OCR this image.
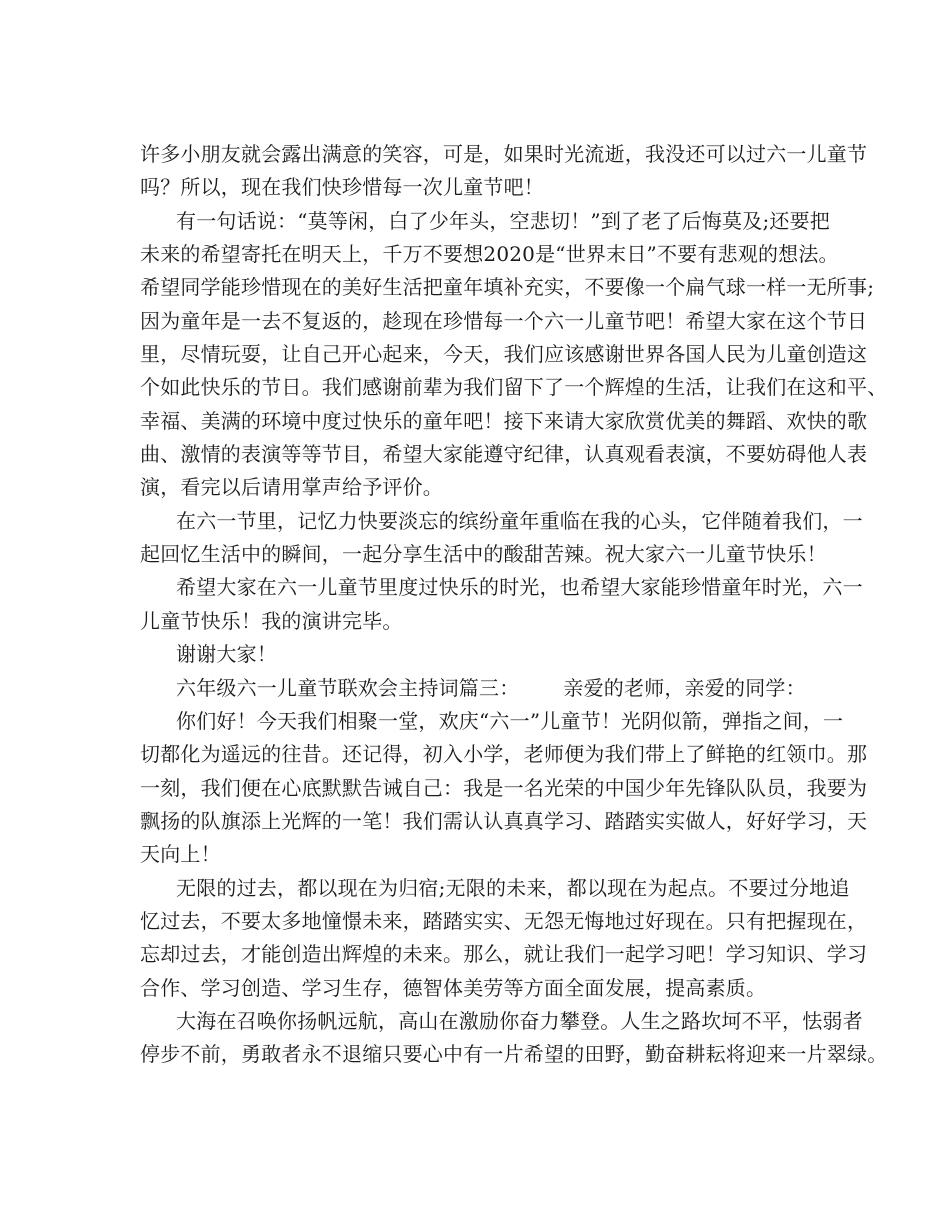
许多小朋友就会露出满意的笑容，可是，如果时光流逝，我没还可以过六一儿童节
吗？所以，现在我们快珍惜每一次儿童节吧！
有一句话说：“莫等闲，白了少年头，空悲切！”到了老了后悔莫及;还要把
未来的希望寄托在明天上，千万不要想2020是“世界末日”不要有悲观的想法。
希望同学能珍惜现在的美好生活把童年填补充实，不要像一个扁气球一样一无所事;
因为童年是一去不复返的，趁现在珍惜每一个六一儿童节吧！希望大家在这个节日
里，尽情玩耍，让自己开心起来，今天，我们应该感谢世界各国人民为儿童创造这
个如此快乐的节日。我们感谢前辈为我们留下了一个辉煌的生活，让我们在这和平、
幸福、美满的环境中度过快乐的童年吧！接下来请大家欣赏优美的舞蹈、欢快的歌
曲、激情的表演等等节目，希望大家能遵守纪律，认真观看表演，不要妨碍他人表
演，看完以后请用掌声给予评价。
在六一节里，记忆力快要淡忘的缤纷童年重临在我的心头，它伴随着我们，一
起回忆生活中的瞬间，一起分享生活中的酸甜苦辣。祝大家六一儿童节快乐！
希望大家在六一儿童节里度过快乐的时光，也希望大家能珍惜童年时光，六一
儿童节快乐！我的演讲完毕。
谢谢大家！
六年级六一儿童节联欢会主持词篇三： 亲爱的老师，亲爱的同学：
你们好！今天我们相聚一堂，欢庆“六一”儿童节！光阴似箭，弹指之间，一
切都化为遥远的往昔。还记得，初入小学，老师便为我们带上了鲜艳的红领巾。那
一刻，我们便在心底默默告诫自己：我是一名光荣的中国少年先锋队队员，我要为
飘扬的队旗添上光辉的一笔！我们需认认真真学习、踏踏实实做人，好好学习，天
天向上！
无限的过去，都以现在为归宿;无限的未来，都以现在为起点。不要过分地追
忆过去，不要太多地憧憬未来，踏踏实实、无怨无悔地过好现在。只有把握现在，
忘却过去，才能创造出辉煌的未来。那么，就让我们一起学习吧！学习知识、学习
合作、学习创造、学习生存，德智体美劳等方面全面发展，提高素质。
大海在召唤你扬帆远航，高山在激励你奋力攀登。人生之路坎坷不平，怯弱者
停步不前，勇敢者永不退缩只要心中有一片希望的田野，勤奋耕耘将迎来一片翠绿。
